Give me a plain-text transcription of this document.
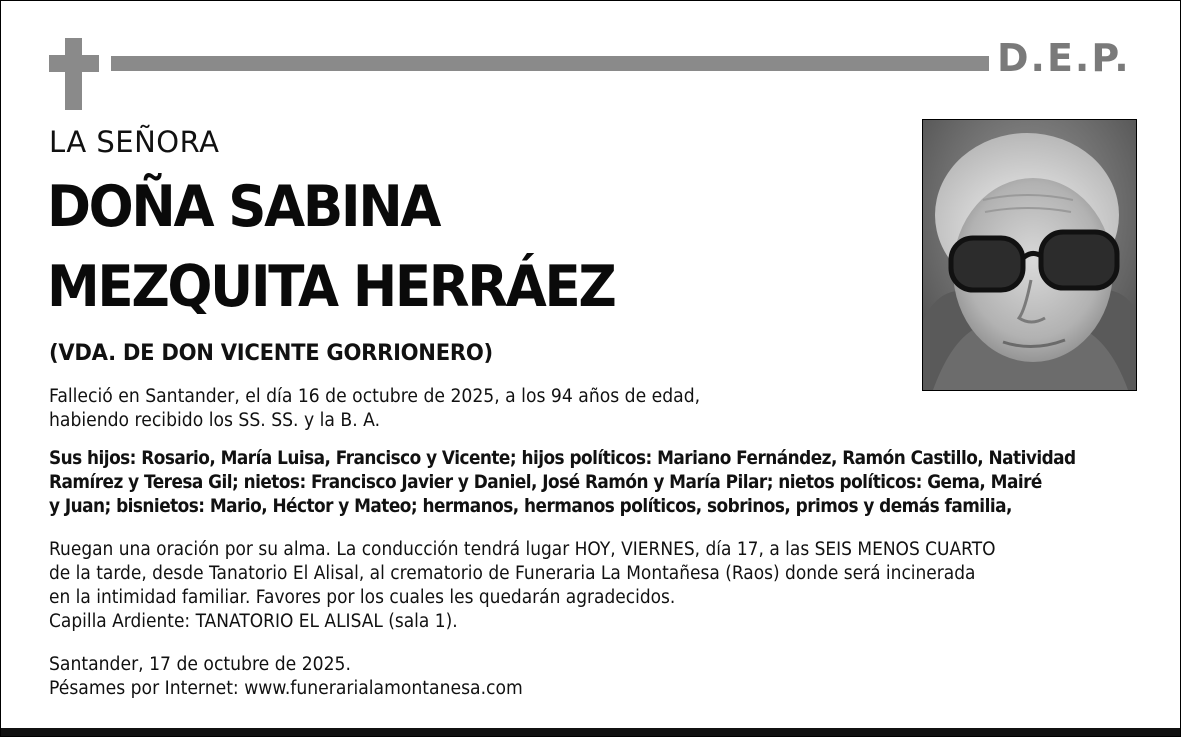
D.E.P.
LA SEÑORA
DOÑA SABINA
MEZQUITA HERRÁEZ
(VDA. DE DON VICENTE GORRIONERO)

Falleció en Santander, el día 16 de octubre de 2025, a los 94 años de edad,

habiendo recibido los SS. SS. y la B. A.

Sus hijos: Rosario, María Luisa, Francisco y Vicente; hijos políticos: Mariano Fernández, Ramón Castillo, Natividad

Ramírez y Teresa Gil; nietos: Francisco Javier y Daniel, José Ramón y María Pilar; nietos políticos: Gema, Mairé

y Juan; bisnietos: Mario, Héctor y Mateo; hermanos, hermanos políticos, sobrinos, primos y demás familia,

Ruegan una oración por su alma. La conducción tendrá lugar HOY, VIERNES, día 17, a las SEIS MENOS CUARTO

de la tarde, desde Tanatorio El Alisal, al crematorio de Funeraria La Montañesa (Raos) donde será incinerada

en la intimidad familiar. Favores por los cuales les quedarán agradecidos.

Capilla Ardiente: TANATORIO EL ALISAL (sala 1).

Santander, 17 de octubre de 2025.

Pésames por Internet: www.funerarialamontanesa.com
